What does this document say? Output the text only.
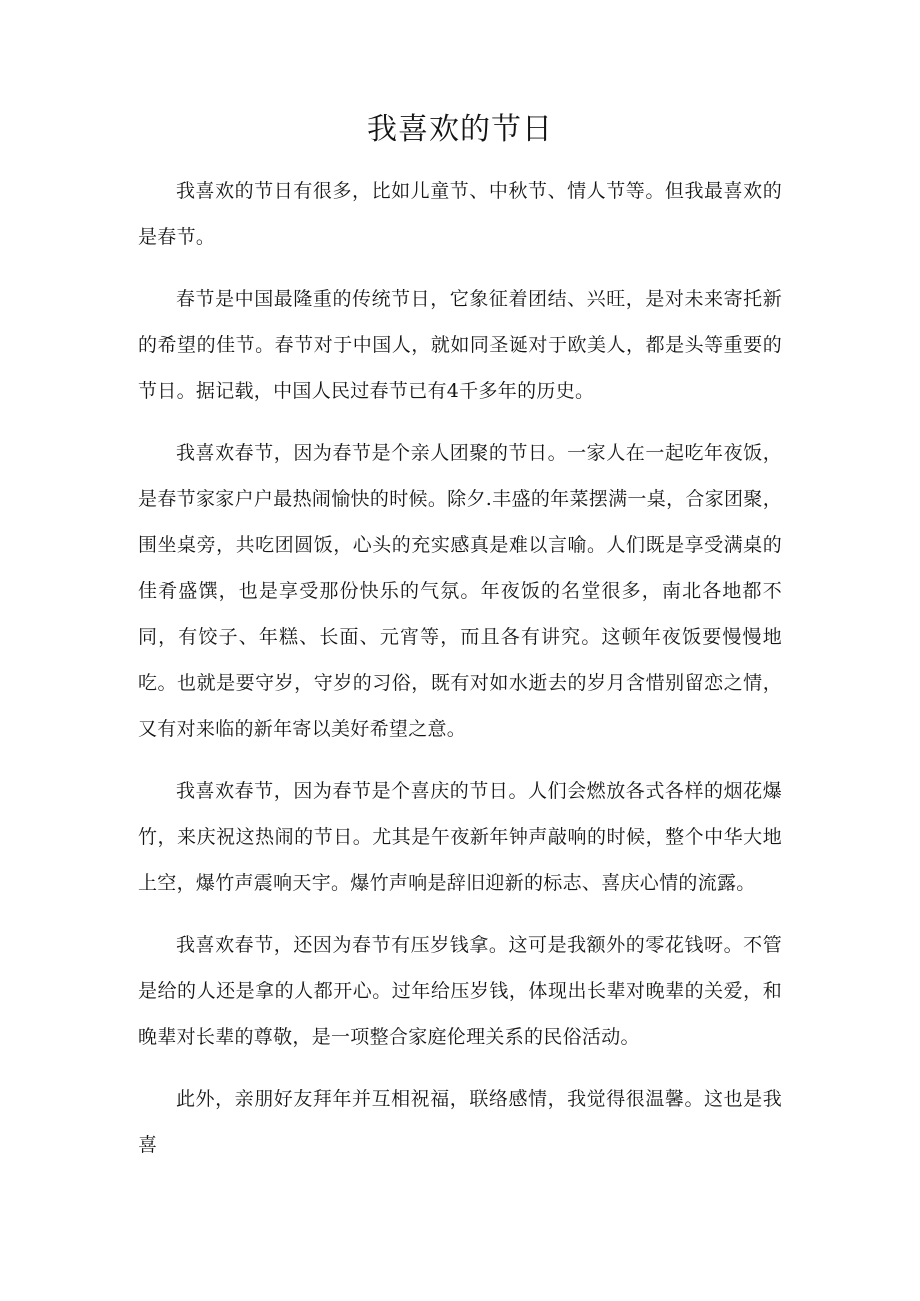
我喜欢的节日

我喜欢的节日有很多，比如儿童节、中秋节、情人节等。但我最喜欢的是春节。

春节是中国最隆重的传统节日，它象征着团结、兴旺，是对未来寄托新的希望的佳节。春节对于中国人，就如同圣诞对于欧美人，都是头等重要的节日。据记载，中国人民过春节已有4千多年的历史。

我喜欢春节，因为春节是个亲人团聚的节日。一家人在一起吃年夜饭，是春节家家户户最热闹愉快的时候。除夕.丰盛的年菜摆满一桌，合家团聚，围坐桌旁，共吃团圆饭，心头的充实感真是难以言喻。人们既是享受满桌的佳肴盛馔，也是享受那份快乐的气氛。年夜饭的名堂很多，南北各地都不同，有饺子、年糕、长面、元宵等，而且各有讲究。这顿年夜饭要慢慢地吃。也就是要守岁，守岁的习俗，既有对如水逝去的岁月含惜别留恋之情，又有对来临的新年寄以美好希望之意。

我喜欢春节，因为春节是个喜庆的节日。人们会燃放各式各样的烟花爆竹，来庆祝这热闹的节日。尤其是午夜新年钟声敲响的时候，整个中华大地上空，爆竹声震响天宇。爆竹声响是辞旧迎新的标志、喜庆心情的流露。

我喜欢春节，还因为春节有压岁钱拿。这可是我额外的零花钱呀。不管是给的人还是拿的人都开心。过年给压岁钱，体现出长辈对晚辈的关爱，和晚辈对长辈的尊敬，是一项整合家庭伦理关系的民俗活动。

此外，亲朋好友拜年并互相祝福，联络感情，我觉得很温馨。这也是我喜
